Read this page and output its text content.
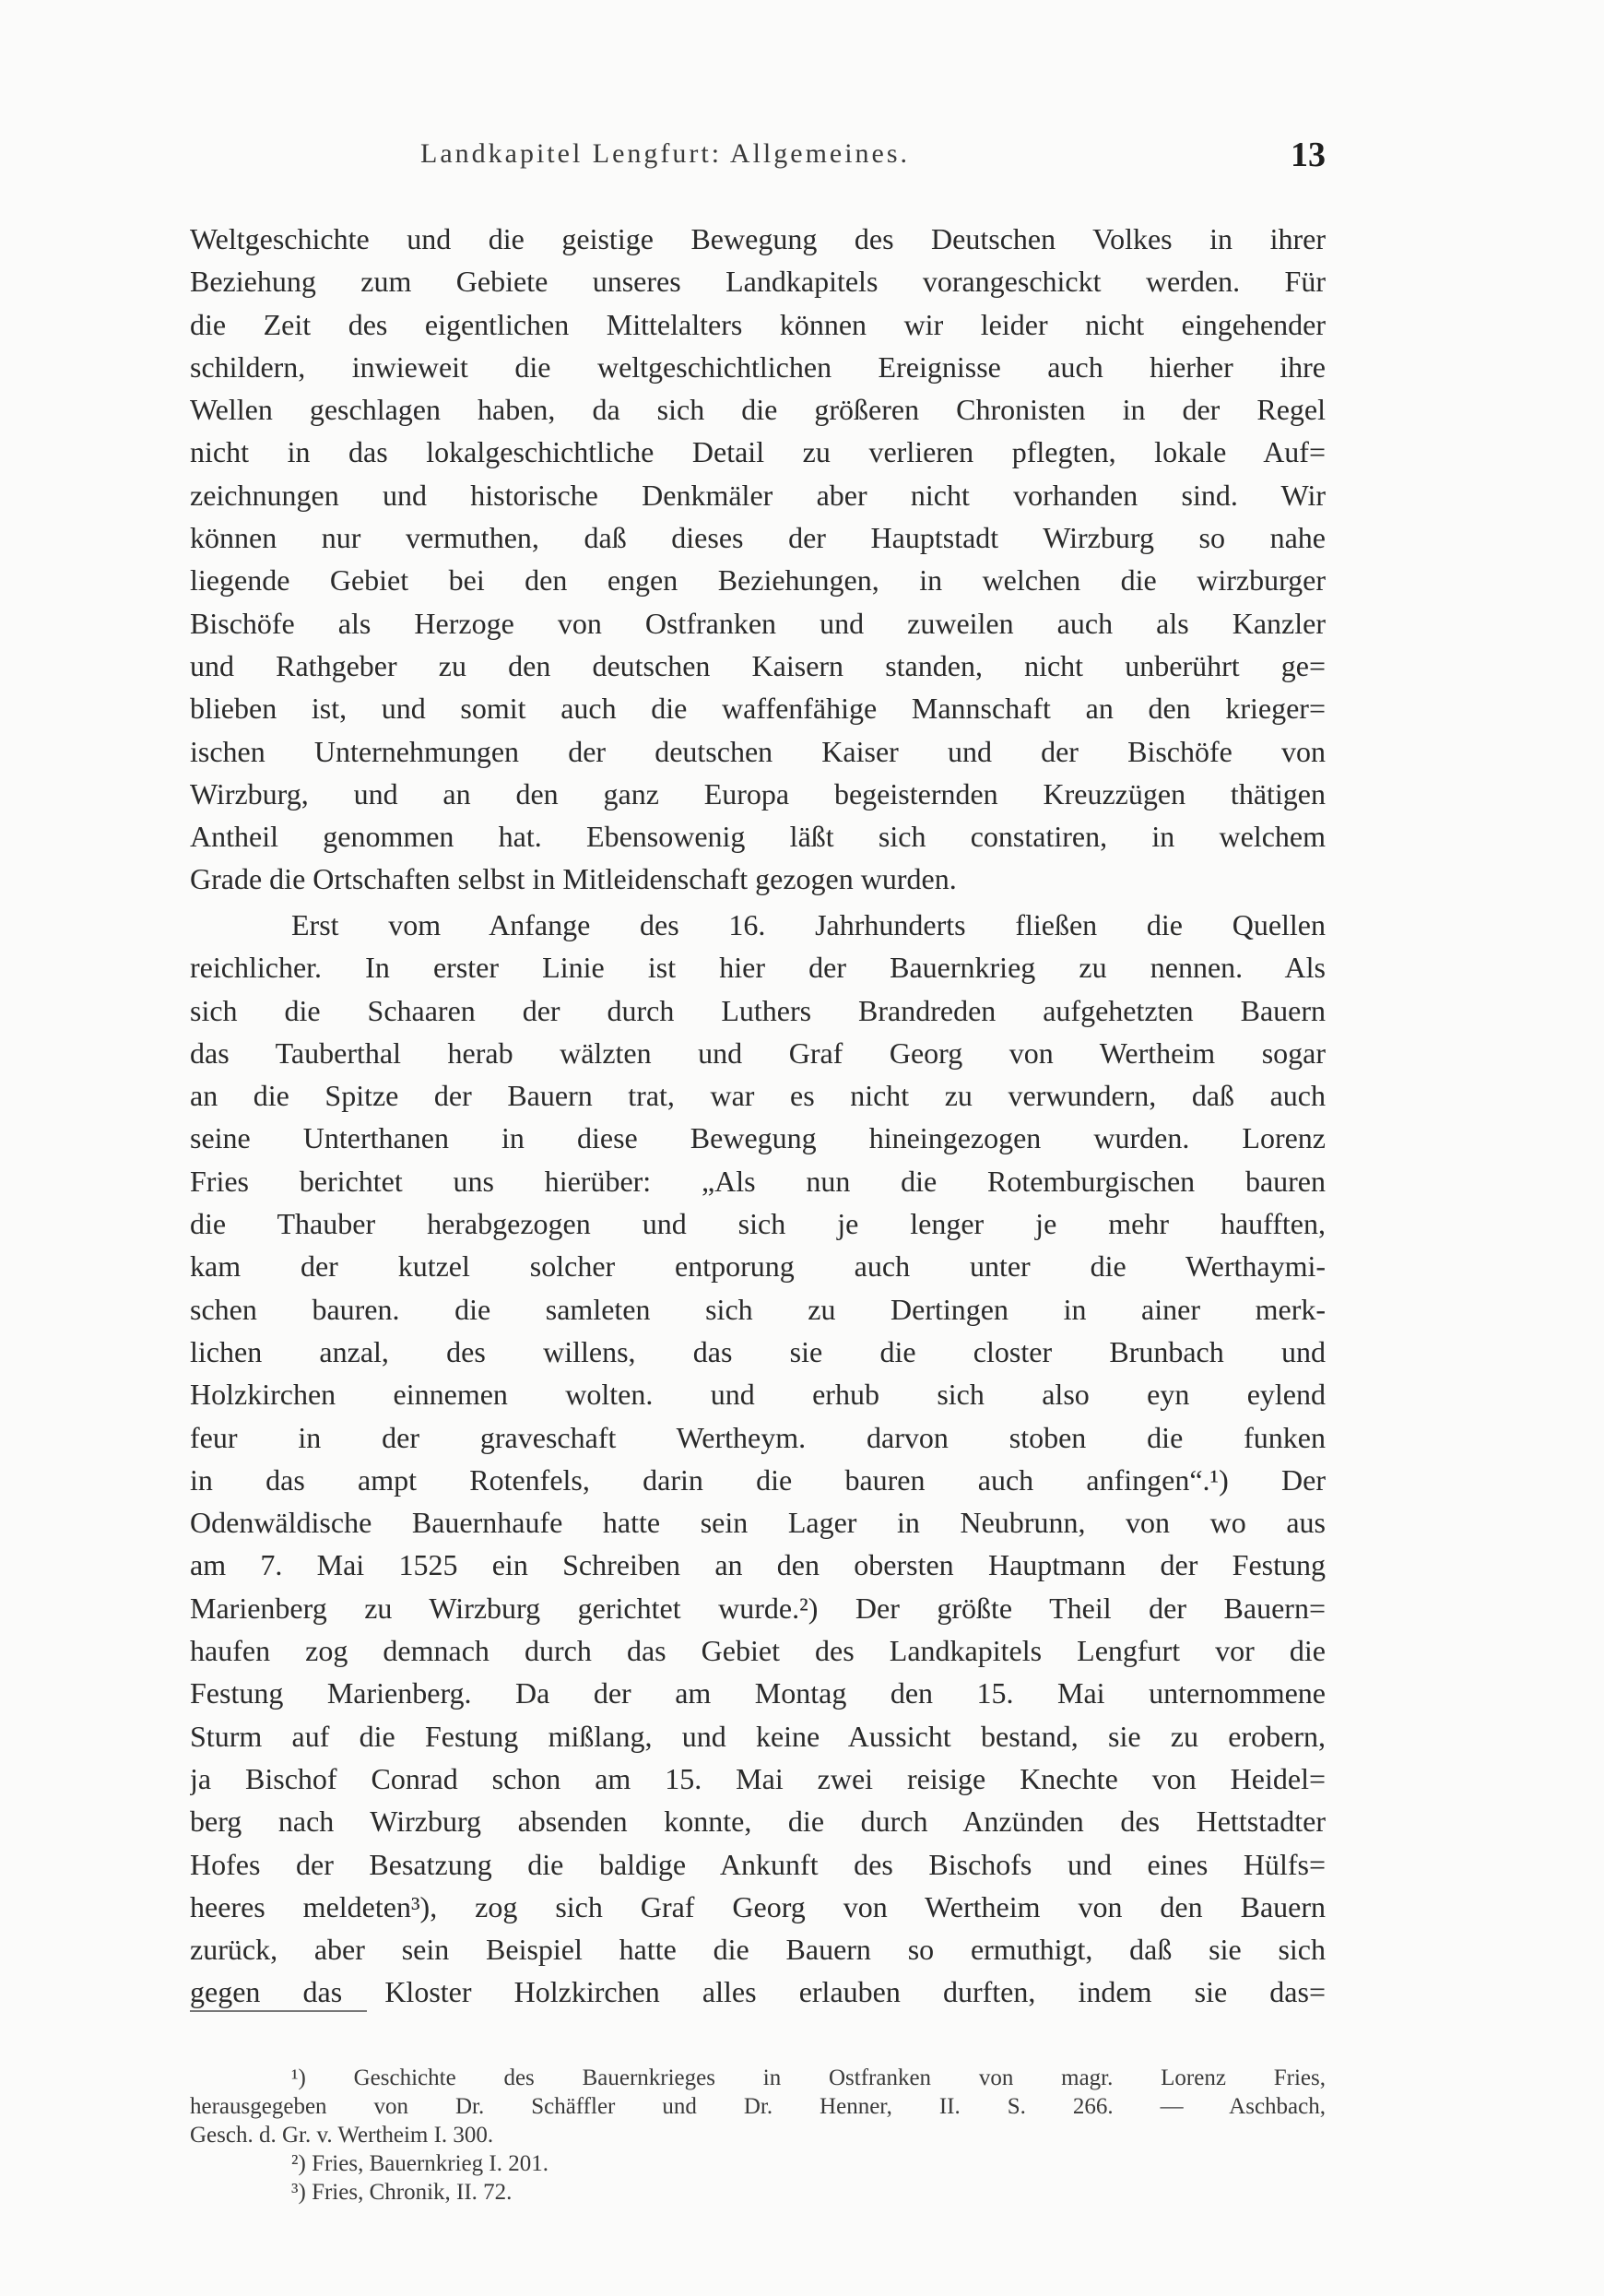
Landkapitel Lengfurt: Allgemeines.	13
Weltgeschichte und die geistige Bewegung des Deutschen Volkes in ihrer
Beziehung zum Gebiete unseres Landkapitels vorangeschickt werden. Für
die Zeit des eigentlichen Mittelalters können wir leider nicht eingehender
schildern, inwieweit die weltgeschichtlichen Ereignisse auch hierher ihre
Wellen geschlagen haben, da sich die größeren Chronisten in der Regel
nicht in das lokalgeschichtliche Detail zu verlieren pflegten, lokale Auf=
zeichnungen und historische Denkmäler aber nicht vorhanden sind. Wir
können nur vermuthen, daß dieses der Hauptstadt Wirzburg so nahe
liegende Gebiet bei den engen Beziehungen, in welchen die wirzburger
Bischöfe als Herzoge von Ostfranken und zuweilen auch als Kanzler
und Rathgeber zu den deutschen Kaisern standen, nicht unberührt ge=
blieben ist, und somit auch die waffenfähige Mannschaft an den krieger=
ischen Unternehmungen der deutschen Kaiser und der Bischöfe von
Wirzburg, und an den ganz Europa begeisternden Kreuzzügen thätigen
Antheil genommen hat. Ebensowenig läßt sich constatiren, in welchem
Grade die Ortschaften selbst in Mitleidenschaft gezogen wurden.
Erst vom Anfange des 16. Jahrhunderts fließen die Quellen
reichlicher. In erster Linie ist hier der Bauernkrieg zu nennen. Als
sich die Schaaren der durch Luthers Brandreden aufgehetzten Bauern
das Tauberthal herab wälzten und Graf Georg von Wertheim sogar
an die Spitze der Bauern trat, war es nicht zu verwundern, daß auch
seine Unterthanen in diese Bewegung hineingezogen wurden. Lorenz
Fries berichtet uns hierüber: „Als nun die Rotemburgischen bauren
die Thauber herabgezogen und sich je lenger je mehr haufften,
kam der kutzel solcher entporung auch unter die Werthaymi-
schen bauren. die samleten sich zu Dertingen in ainer merk-
lichen anzal, des willens, das sie die closter Brunbach und
Holzkirchen einnemen wolten. und erhub sich also eyn eylend
feur in der graveschaft Wertheym. darvon stoben die funken
in das ampt Rotenfels, darin die bauren auch anfingen“.¹) Der
Odenwäldische Bauernhaufe hatte sein Lager in Neubrunn, von wo aus
am 7. Mai 1525 ein Schreiben an den obersten Hauptmann der Festung
Marienberg zu Wirzburg gerichtet wurde.²) Der größte Theil der Bauern=
haufen zog demnach durch das Gebiet des Landkapitels Lengfurt vor die
Festung Marienberg. Da der am Montag den 15. Mai unternommene
Sturm auf die Festung mißlang, und keine Aussicht bestand, sie zu erobern,
ja Bischof Conrad schon am 15. Mai zwei reisige Knechte von Heidel=
berg nach Wirzburg absenden konnte, die durch Anzünden des Hettstadter
Hofes der Besatzung die baldige Ankunft des Bischofs und eines Hülfs=
heeres meldeten³), zog sich Graf Georg von Wertheim von den Bauern
zurück, aber sein Beispiel hatte die Bauern so ermuthigt, daß sie sich
gegen das Kloster Holzkirchen alles erlauben durften, indem sie das=
¹) Geschichte des Bauernkrieges in Ostfranken von magr. Lorenz Fries,
herausgegeben von Dr. Schäffler und Dr. Henner, II. S. 266. — Aschbach,
Gesch. d. Gr. v. Wertheim I. 300.
²) Fries, Bauernkrieg I. 201.
³) Fries, Chronik, II. 72.
